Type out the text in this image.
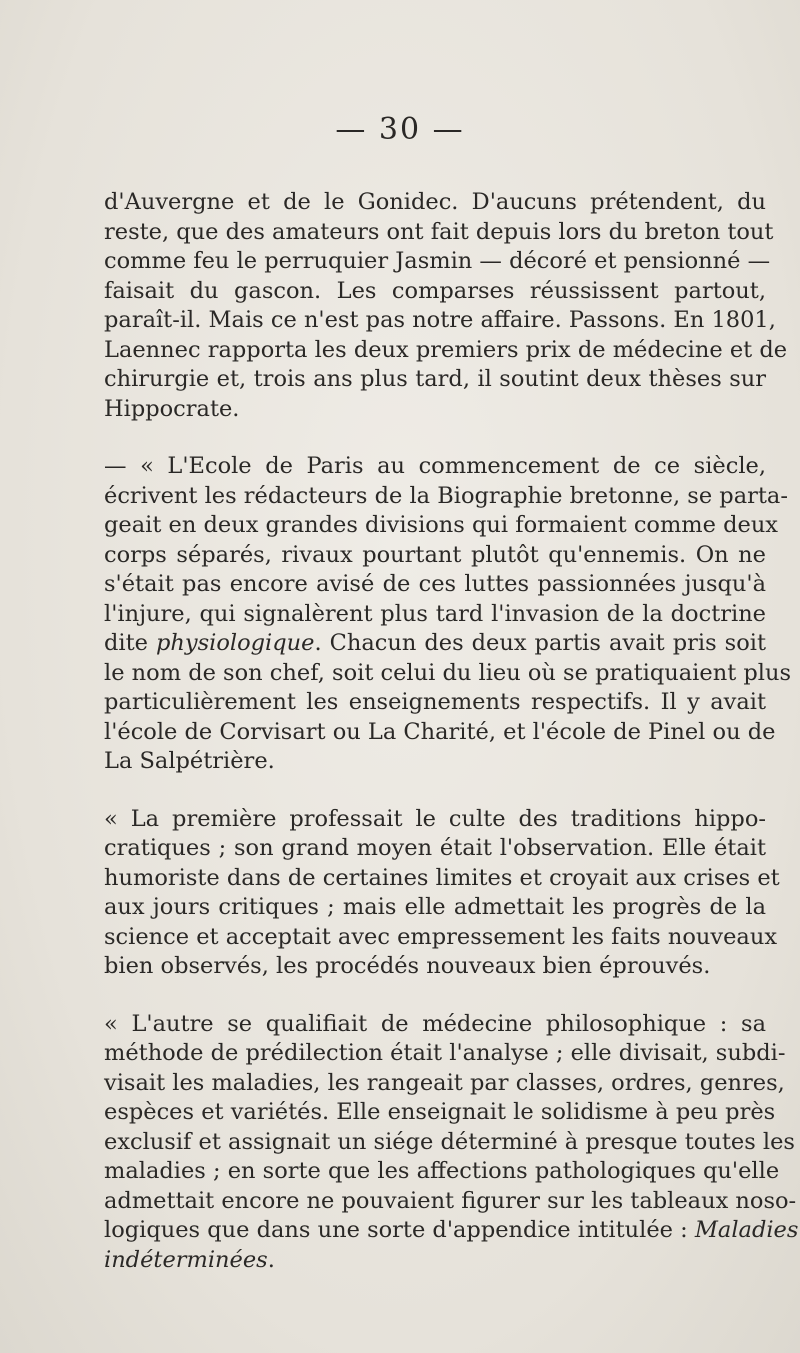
— 30 —
d'Auvergne et de le Gonidec. D'aucuns prétendent, du
reste, que des amateurs ont fait depuis lors du breton tout
comme feu le perruquier Jasmin — décoré et pensionné —
faisait du gascon. Les comparses réussissent partout,
paraît-il. Mais ce n'est pas notre affaire. Passons. En 1801,
Laennec rapporta les deux premiers prix de médecine et de
chirurgie et, trois ans plus tard, il soutint deux thèses sur
Hippocrate.
— « L'Ecole de Paris au commencement de ce siècle,
écrivent les rédacteurs de la Biographie bretonne, se parta-
geait en deux grandes divisions qui formaient comme deux
corps séparés, rivaux pourtant plutôt qu'ennemis. On ne
s'était pas encore avisé de ces luttes passionnées jusqu'à
l'injure, qui signalèrent plus tard l'invasion de la doctrine
dite physiologique. Chacun des deux partis avait pris soit
le nom de son chef, soit celui du lieu où se pratiquaient plus
particulièrement les enseignements respectifs. Il y avait
l'école de Corvisart ou La Charité, et l'école de Pinel ou de
La Salpétrière.
« La première professait le culte des traditions hippo-
cratiques ; son grand moyen était l'observation. Elle était
humoriste dans de certaines limites et croyait aux crises et
aux jours critiques ; mais elle admettait les progrès de la
science et acceptait avec empressement les faits nouveaux
bien observés, les procédés nouveaux bien éprouvés.
« L'autre se qualifiait de médecine philosophique : sa
méthode de prédilection était l'analyse ; elle divisait, subdi-
visait les maladies, les rangeait par classes, ordres, genres,
espèces et variétés. Elle enseignait le solidisme à peu près
exclusif et assignait un siége déterminé à presque toutes les
maladies ; en sorte que les affections pathologiques qu'elle
admettait encore ne pouvaient figurer sur les tableaux noso-
logiques que dans une sorte d'appendice intitulée : Maladies
indéterminées.
